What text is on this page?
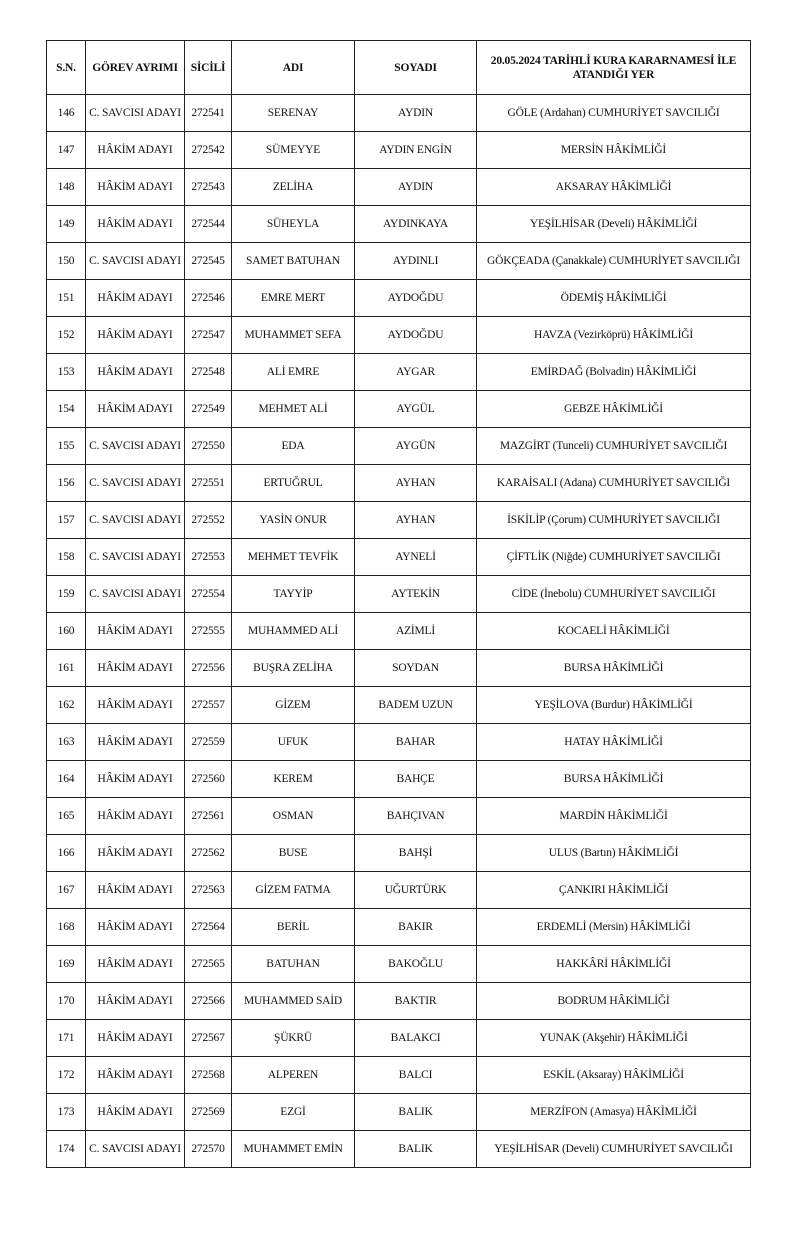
S.N.	GÖREV AYRIMI	SİCİLİ	ADI	SOYADI	20.05.2024 TARİHLİ KURA KARARNAMESİ İLE ATANDIĞI YER
146	C. SAVCISI ADAYI	272541	SERENAY	AYDIN	GÖLE (Ardahan) CUMHURİYET SAVCILIĞI
147	HÂKİM ADAYI	272542	SÜMEYYE	AYDIN ENGİN	MERSİN HÂKİMLİĞİ
148	HÂKİM ADAYI	272543	ZELİHA	AYDIN	AKSARAY HÂKİMLİĞİ
149	HÂKİM ADAYI	272544	SÜHEYLA	AYDINKAYA	YEŞİLHİSAR (Develi) HÂKİMLİĞİ
150	C. SAVCISI ADAYI	272545	SAMET BATUHAN	AYDINLI	GÖKÇEADA (Çanakkale) CUMHURİYET SAVCILIĞI
151	HÂKİM ADAYI	272546	EMRE MERT	AYDOĞDU	ÖDEMİŞ HÂKİMLİĞİ
152	HÂKİM ADAYI	272547	MUHAMMET SEFA	AYDOĞDU	HAVZA (Vezirköprü) HÂKİMLİĞİ
153	HÂKİM ADAYI	272548	ALİ EMRE	AYGAR	EMİRDAĞ (Bolvadin) HÂKİMLİĞİ
154	HÂKİM ADAYI	272549	MEHMET ALİ	AYGÜL	GEBZE HÂKİMLİĞİ
155	C. SAVCISI ADAYI	272550	EDA	AYGÜN	MAZGİRT (Tunceli) CUMHURİYET SAVCILIĞI
156	C. SAVCISI ADAYI	272551	ERTUĞRUL	AYHAN	KARAİSALI (Adana) CUMHURİYET SAVCILIĞI
157	C. SAVCISI ADAYI	272552	YASİN ONUR	AYHAN	İSKİLİP (Çorum) CUMHURİYET SAVCILIĞI
158	C. SAVCISI ADAYI	272553	MEHMET TEVFİK	AYNELİ	ÇİFTLİK (Niğde) CUMHURİYET SAVCILIĞI
159	C. SAVCISI ADAYI	272554	TAYYİP	AYTEKİN	CİDE (İnebolu) CUMHURİYET SAVCILIĞI
160	HÂKİM ADAYI	272555	MUHAMMED ALİ	AZİMLİ	KOCAELİ HÂKİMLİĞİ
161	HÂKİM ADAYI	272556	BUŞRA ZELİHA	SOYDAN	BURSA HÂKİMLİĞİ
162	HÂKİM ADAYI	272557	GİZEM	BADEM UZUN	YEŞİLOVA (Burdur) HÂKİMLİĞİ
163	HÂKİM ADAYI	272559	UFUK	BAHAR	HATAY HÂKİMLİĞİ
164	HÂKİM ADAYI	272560	KEREM	BAHÇE	BURSA HÂKİMLİĞİ
165	HÂKİM ADAYI	272561	OSMAN	BAHÇIVAN	MARDİN HÂKİMLİĞİ
166	HÂKİM ADAYI	272562	BUSE	BAHŞİ	ULUS (Bartın) HÂKİMLİĞİ
167	HÂKİM ADAYI	272563	GİZEM FATMA	UĞURTÜRK	ÇANKIRI HÂKİMLİĞİ
168	HÂKİM ADAYI	272564	BERİL	BAKIR	ERDEMLİ (Mersin) HÂKİMLİĞİ
169	HÂKİM ADAYI	272565	BATUHAN	BAKOĞLU	HAKKÂRİ HÂKİMLİĞİ
170	HÂKİM ADAYI	272566	MUHAMMED SAİD	BAKTIR	BODRUM HÂKİMLİĞİ
171	HÂKİM ADAYI	272567	ŞÜKRÜ	BALAKCI	YUNAK (Akşehir) HÂKİMLİĞİ
172	HÂKİM ADAYI	272568	ALPEREN	BALCI	ESKİL (Aksaray) HÂKİMLİĞİ
173	HÂKİM ADAYI	272569	EZGİ	BALIK	MERZİFON (Amasya) HÂKİMLİĞİ
174	C. SAVCISI ADAYI	272570	MUHAMMET EMİN	BALIK	YEŞİLHİSAR (Develi) CUMHURİYET SAVCILIĞI
